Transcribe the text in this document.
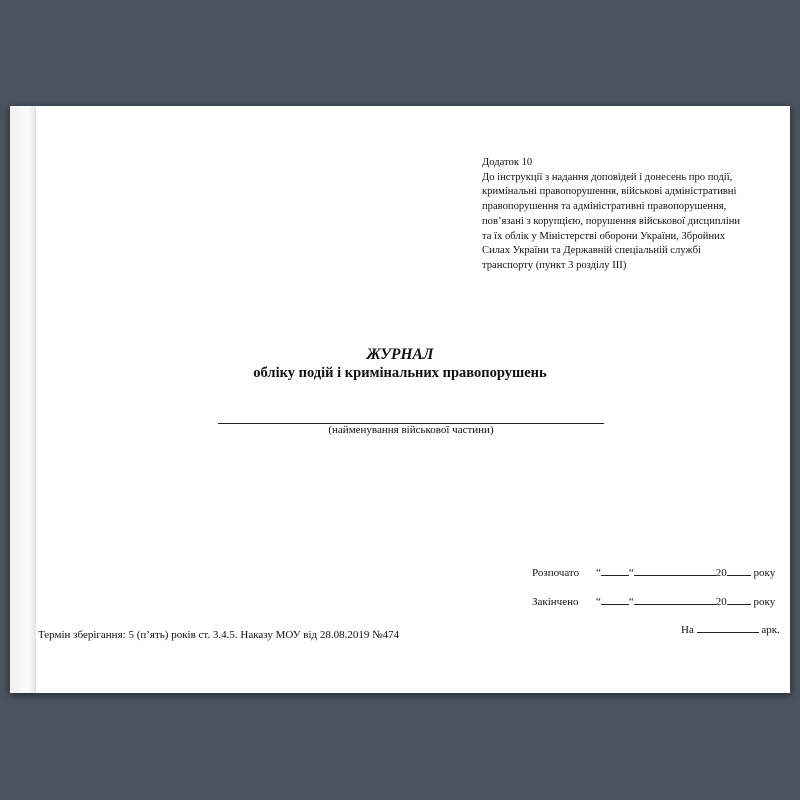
Додаток 10
До інструкції з надання доповідей і донесень про події,
кримінальні правопорушення, військові адміністративні
правопорушення та адміністративні правопорушення,
пов’язані з корупцією, порушення військової дисципліни
та їх облік у Міністерстві оборони України, Збройних
Силах України та Державній спеціальній службі
транспорту (пункт 3 розділу ІІІ)
ЖУРНАЛ
обліку подій і кримінальних правопорушень
(найменування військової частини)
Розпочато “	“	20 року
Закінчено “	“	20 року
Термін зберігання: 5 (п’ять) років ст. 3.4.5. Наказу МОУ від 28.08.2019 №474	На	арк.
